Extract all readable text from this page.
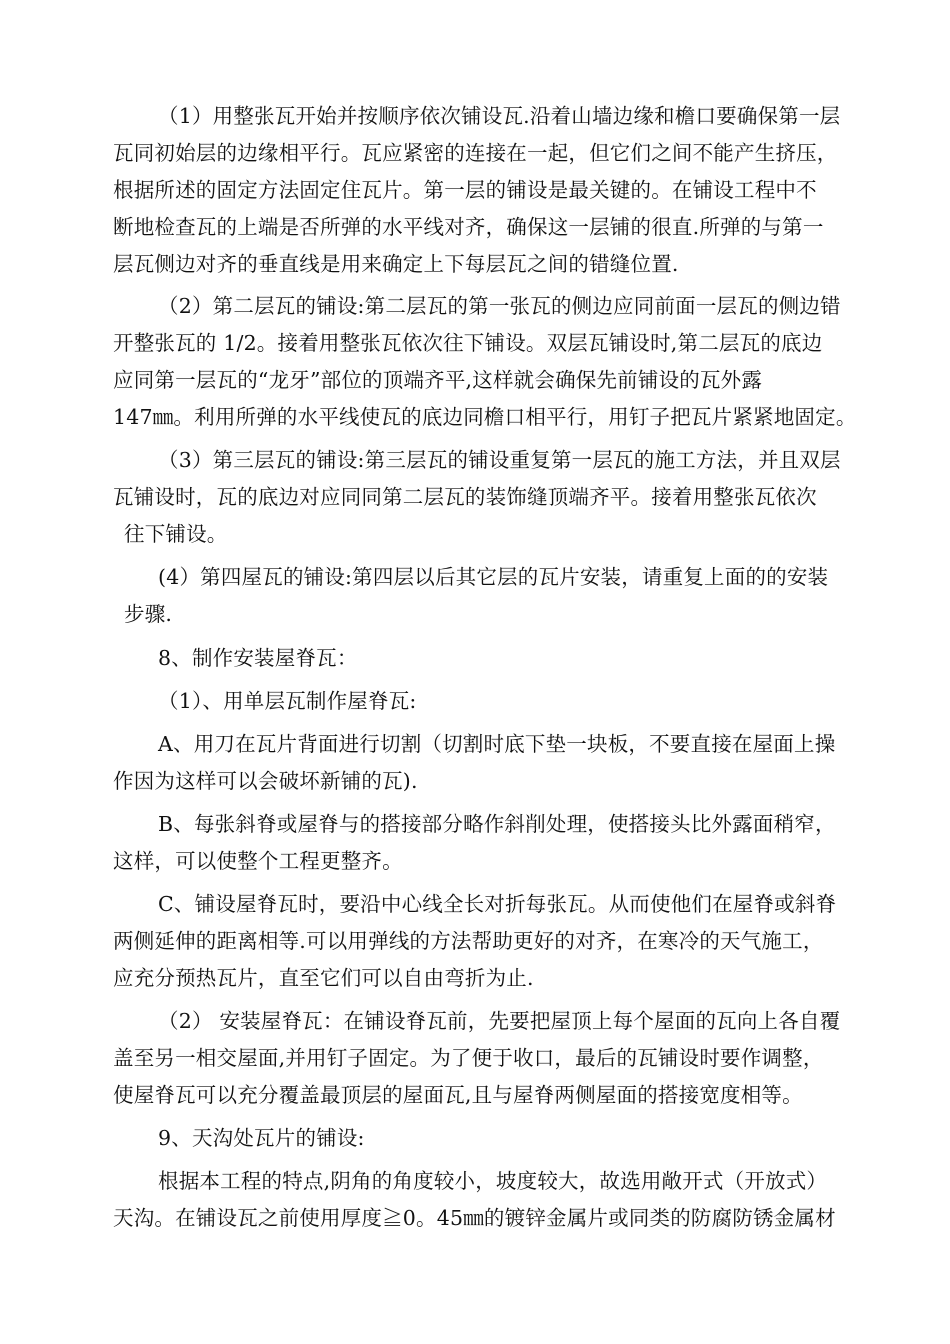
（1）用整张瓦开始并按顺序依次铺设瓦.沿着山墙边缘和檐口要确保第一层
瓦同初始层的边缘相平行。瓦应紧密的连接在一起，但它们之间不能产生挤压，
根据所述的固定方法固定住瓦片。第一层的铺设是最关键的。在铺设工程中不
断地检查瓦的上端是否所弹的水平线对齐，确保这一层铺的很直.所弹的与第一
层瓦侧边对齐的垂直线是用来确定上下每层瓦之间的错缝位置.
（2）第二层瓦的铺设:第二层瓦的第一张瓦的侧边应同前面一层瓦的侧边错
开整张瓦的 1/2。接着用整张瓦依次往下铺设。双层瓦铺设时,第二层瓦的底边
应同第一层瓦的“龙牙”部位的顶端齐平,这样就会确保先前铺设的瓦外露
147㎜。利用所弹的水平线使瓦的底边同檐口相平行，用钉子把瓦片紧紧地固定。
（3）第三层瓦的铺设:第三层瓦的铺设重复第一层瓦的施工方法，并且双层
瓦铺设时，瓦的底边对应同同第二层瓦的装饰缝顶端齐平。接着用整张瓦依次
往下铺设。
(4）第四屋瓦的铺设:第四层以后其它层的瓦片安装，请重复上面的的安装
步骤.
8、制作安装屋脊瓦：
（1）、用单层瓦制作屋脊瓦:
A、用刀在瓦片背面进行切割（切割时底下垫一块板，不要直接在屋面上操
作因为这样可以会破坏新铺的瓦).
B、每张斜脊或屋脊与的搭接部分略作斜削处理，使搭接头比外露面稍窄，
这样，可以使整个工程更整齐。
C、铺设屋脊瓦时，要沿中心线全长对折每张瓦。从而使他们在屋脊或斜脊
两侧延伸的距离相等.可以用弹线的方法帮助更好的对齐，在寒冷的天气施工，
应充分预热瓦片，直至它们可以自由弯折为止.
（2） 安装屋脊瓦：在铺设脊瓦前，先要把屋顶上每个屋面的瓦向上各自覆
盖至另一相交屋面,并用钉子固定。为了便于收口，最后的瓦铺设时要作调整，
使屋脊瓦可以充分覆盖最顶层的屋面瓦,且与屋脊两侧屋面的搭接宽度相等。
9、天沟处瓦片的铺设:
根据本工程的特点,阴角的角度较小，坡度较大，故选用敞开式（开放式）
天沟。在铺设瓦之前使用厚度≧0。45㎜的镀锌金属片或同类的防腐防锈金属材
